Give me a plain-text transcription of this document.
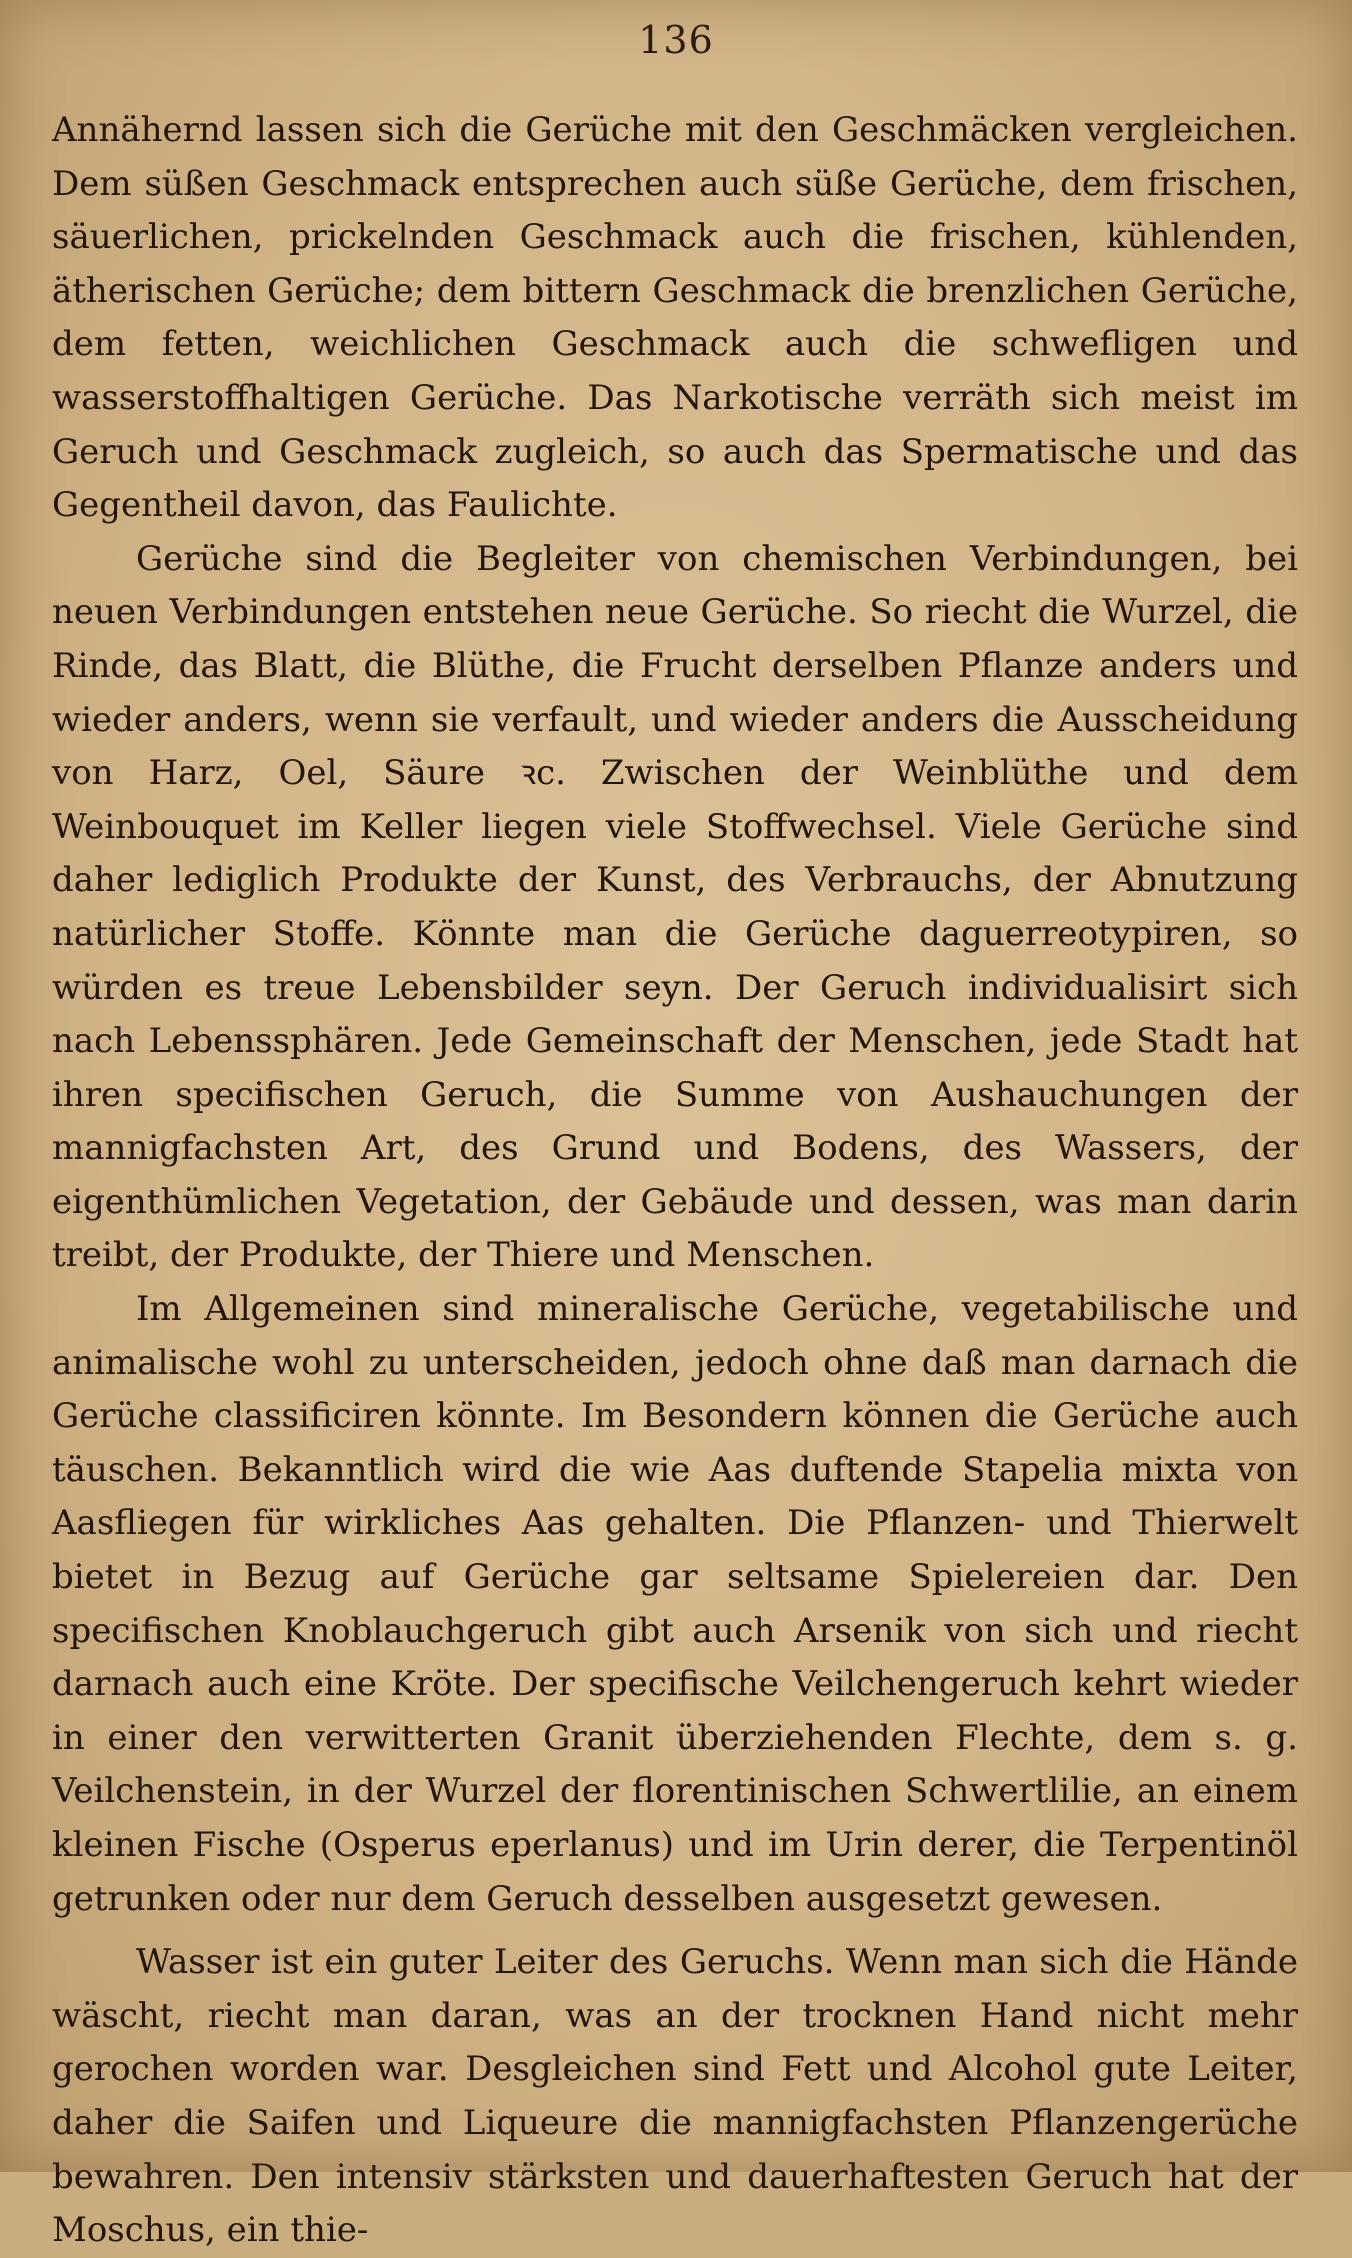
136

Annähernd lassen sich die Gerüche mit den Geschmäcken vergleichen. Dem süßen Geschmack entsprechen auch süße Gerüche, dem frischen, säuerlichen, prickelnden Geschmack auch die frischen, kühlenden, ätherischen Gerüche; dem bittern Geschmack die brenzlichen Gerüche, dem fetten, weichlichen Geschmack auch die schwefligen und wasserstoffhaltigen Gerüche. Das Narkotische verräth sich meist im Geruch und Geschmack zugleich, so auch das Spermatische und das Gegentheil davon, das Faulichte.

Gerüche sind die Begleiter von chemischen Verbindungen, bei neuen Verbindungen entstehen neue Gerüche. So riecht die Wurzel, die Rinde, das Blatt, die Blüthe, die Frucht derselben Pflanze anders und wieder anders, wenn sie verfault, und wieder anders die Ausscheidung von Harz, Oel, Säure ꝛc. Zwischen der Weinblüthe und dem Weinbouquet im Keller liegen viele Stoffwechsel. Viele Gerüche sind daher lediglich Produkte der Kunst, des Verbrauchs, der Abnutzung natürlicher Stoffe. Könnte man die Gerüche daguerreotypiren, so würden es treue Lebensbilder seyn. Der Geruch individualisirt sich nach Lebenssphären. Jede Gemeinschaft der Menschen, jede Stadt hat ihren specifischen Geruch, die Summe von Aushauchungen der mannigfachsten Art, des Grund und Bodens, des Wassers, der eigenthümlichen Vegetation, der Gebäude und dessen, was man darin treibt, der Produkte, der Thiere und Menschen.

Im Allgemeinen sind mineralische Gerüche, vegetabilische und animalische wohl zu unterscheiden, jedoch ohne daß man darnach die Gerüche classificiren könnte. Im Besondern können die Gerüche auch täuschen. Bekanntlich wird die wie Aas duftende Stapelia mixta von Aasfliegen für wirkliches Aas gehalten. Die Pflanzen- und Thierwelt bietet in Bezug auf Gerüche gar seltsame Spielereien dar. Den specifischen Knoblauchgeruch gibt auch Arsenik von sich und riecht darnach auch eine Kröte. Der specifische Veilchengeruch kehrt wieder in einer den verwitterten Granit überziehenden Flechte, dem s. g. Veilchenstein, in der Wurzel der florentinischen Schwertlilie, an einem kleinen Fische (Osperus eperlanus) und im Urin derer, die Terpentinöl getrunken oder nur dem Geruch desselben ausgesetzt gewesen.

Wasser ist ein guter Leiter des Geruchs. Wenn man sich die Hände wäscht, riecht man daran, was an der trocknen Hand nicht mehr gerochen worden war. Desgleichen sind Fett und Alcohol gute Leiter, daher die Saifen und Liqueure die mannigfachsten Pflanzengerüche bewahren. Den intensiv stärksten und dauerhaftesten Geruch hat der Moschus, ein thie-
